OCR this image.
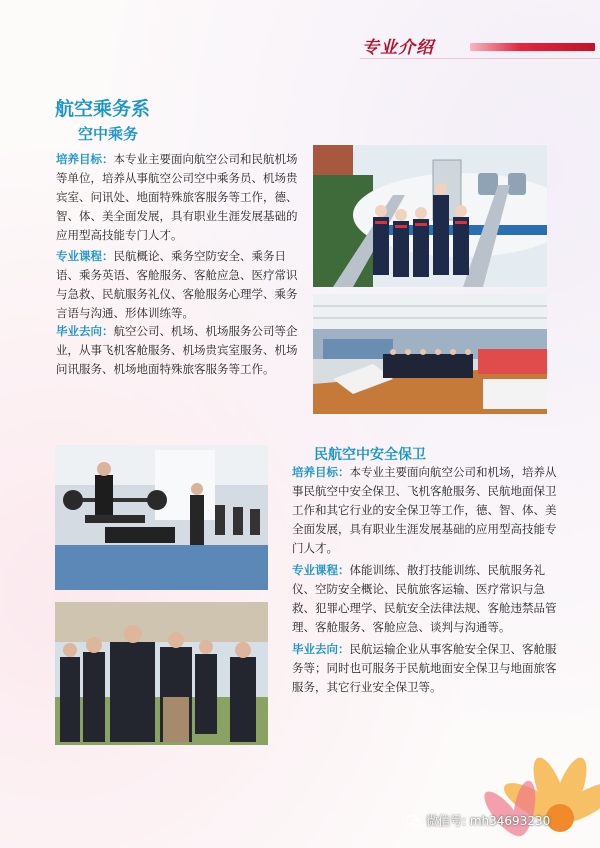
专业介绍
航空乘务系
空中乘务

培养目标：本专业主要面向航空公司和民航机场等单位，培养从事航空公司空中乘务员、机场贵宾室、问讯处、地面特殊旅客服务等工作，德、智、体、美全面发展，具有职业生涯发展基础的应用型高技能专门人才。

专业课程：民航概论、乘务空防安全、乘务日语、乘务英语、客舱服务、客舱应急、医疗常识与急救、民航服务礼仪、客舱服务心理学、乘务言语与沟通、形体训练等。

毕业去向：航空公司、机场、机场服务公司等企业，从事飞机客舱服务、机场贵宾室服务、机场问讯服务、机场地面特殊旅客服务等工作。

民航空中安全保卫

培养目标：本专业主要面向航空公司和机场，培养从事民航空中安全保卫、飞机客舱服务、民航地面保卫工作和其它行业的安全保卫等工作，德、智、体、美全面发展，具有职业生涯发展基础的应用型高技能专门人才。

专业课程：体能训练、散打技能训练、民航服务礼仪、空防安全概论、民航旅客运输、医疗常识与急救、犯罪心理学、民航安全法律法规、客舱违禁品管理、客舱服务、客舱应急、谈判与沟通等。

毕业去向：民航运输企业从事客舱安全保卫、客舱服务等；同时也可服务于民航地面安全保卫与地面旅客服务，其它行业安全保卫等。

微信号: mh34693230
